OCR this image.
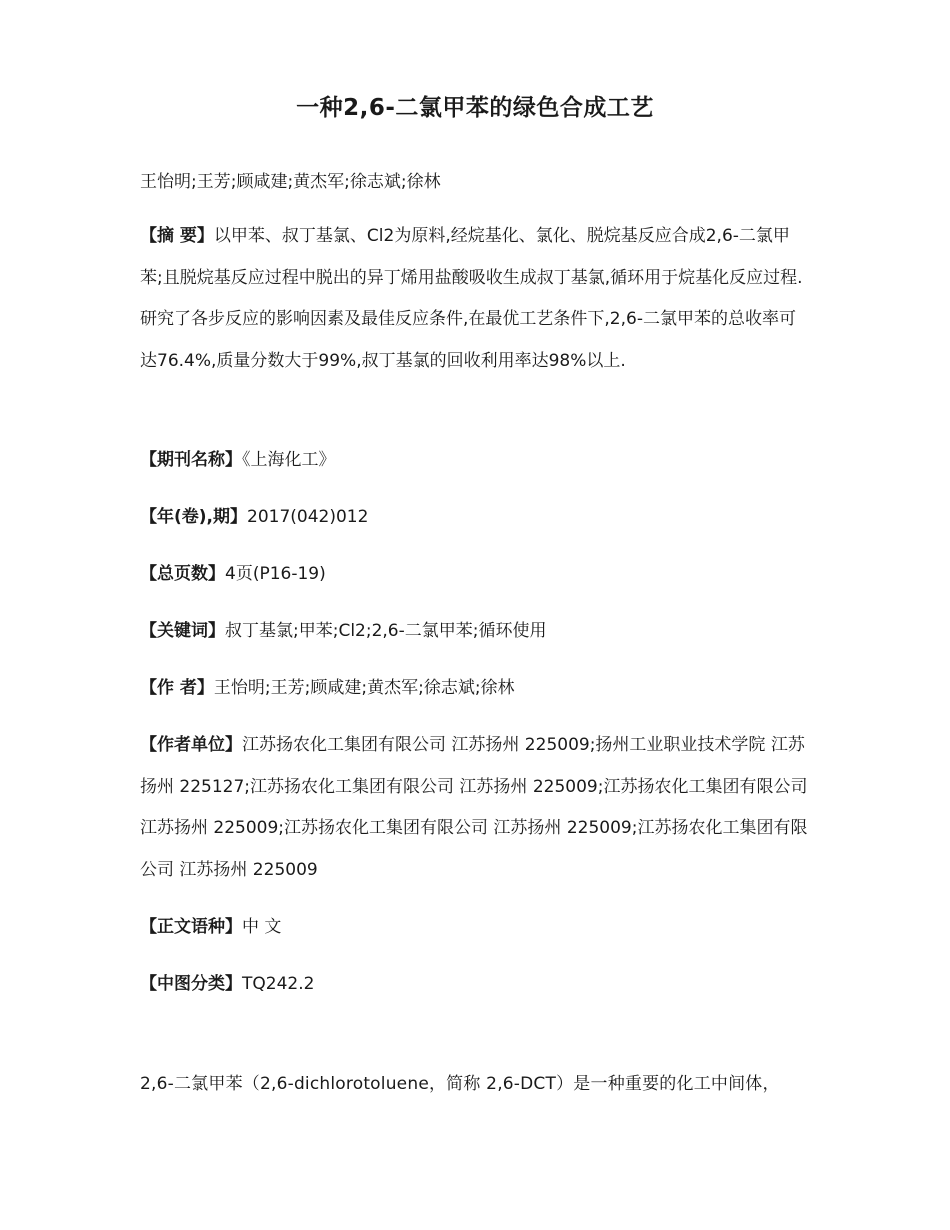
一种2,6-二氯甲苯的绿色合成工艺
王怡明;王芳;顾咸建;黄杰军;徐志斌;徐林
【摘 要】以甲苯、叔丁基氯、Cl2为原料,经烷基化、氯化、脱烷基反应合成2,6-二氯甲苯;且脱烷基反应过程中脱出的异丁烯用盐酸吸收生成叔丁基氯,循环用于烷基化反应过程.研究了各步反应的影响因素及最佳反应条件,在最优工艺条件下,2,6-二氯甲苯的总收率可达76.4%,质量分数大于99%,叔丁基氯的回收利用率达98%以上.
【期刊名称】《上海化工》
【年(卷),期】2017(042)012
【总页数】4页(P16-19)
【关键词】叔丁基氯;甲苯;Cl2;2,6-二氯甲苯;循环使用
【作 者】王怡明;王芳;顾咸建;黄杰军;徐志斌;徐林
【作者单位】江苏扬农化工集团有限公司 江苏扬州 225009;扬州工业职业技术学院 江苏扬州 225127;江苏扬农化工集团有限公司 江苏扬州 225009;江苏扬农化工集团有限公司 江苏扬州 225009;江苏扬农化工集团有限公司 江苏扬州 225009;江苏扬农化工集团有限公司 江苏扬州 225009
【正文语种】中 文
【中图分类】TQ242.2
2,6-二氯甲苯（2,6-dichlorotoluene，简称 2,6-DCT）是一种重要的化工中间体，
